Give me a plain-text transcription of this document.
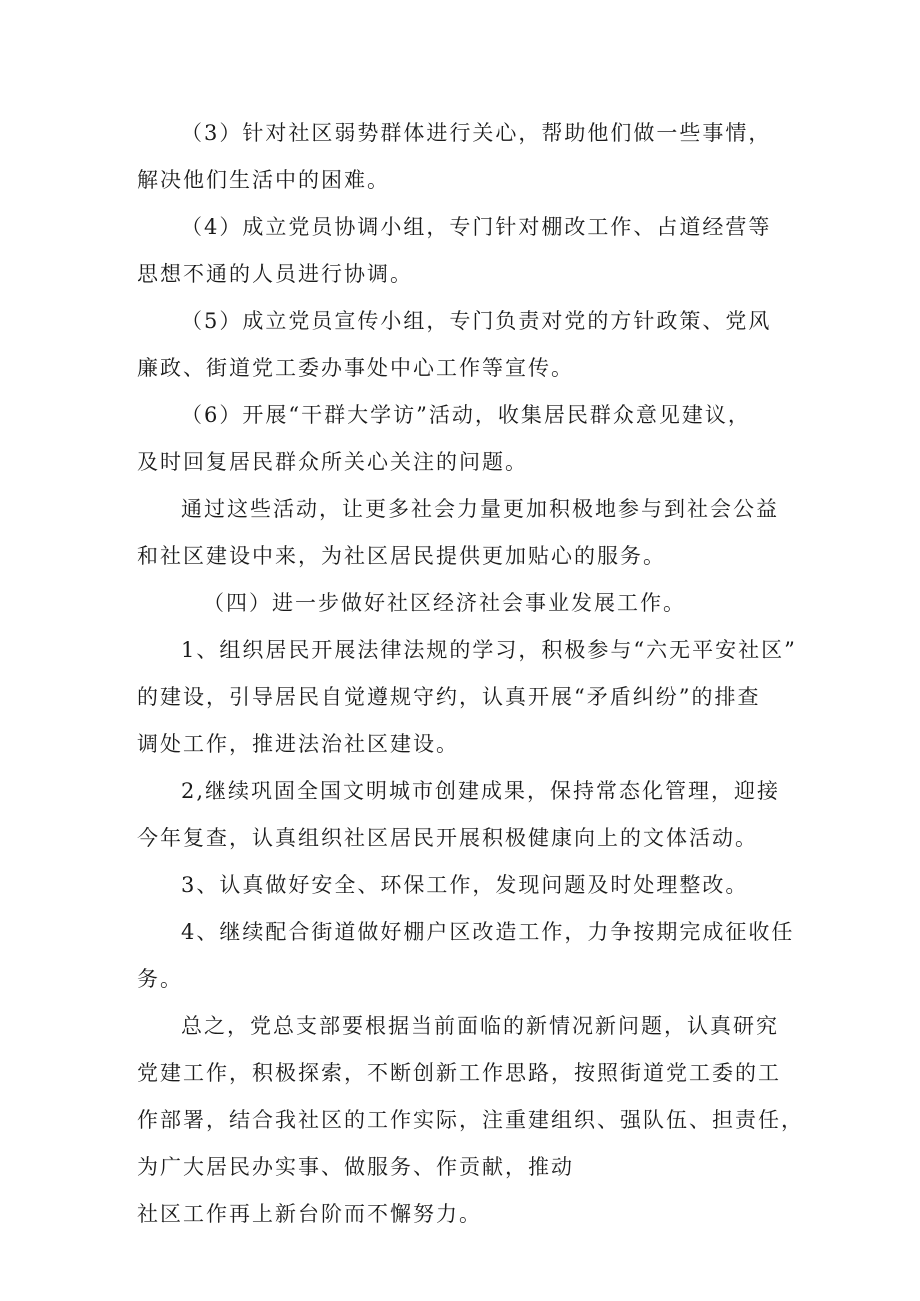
（3）针对社区弱势群体进行关心，帮助他们做一些事情，
解决他们生活中的困难。
（4）成立党员协调小组，专门针对棚改工作、占道经营等
思想不通的人员进行协调。
（5）成立党员宣传小组，专门负责对党的方针政策、党风
廉政、街道党工委办事处中心工作等宣传。
（6）开展“干群大学访”活动，收集居民群众意见建议，
及时回复居民群众所关心关注的问题。
通过这些活动，让更多社会力量更加积极地参与到社会公益
和社区建设中来，为社区居民提供更加贴心的服务。
（四）进一步做好社区经济社会事业发展工作。
1、组织居民开展法律法规的学习，积极参与“六无平安社区”
的建设，引导居民自觉遵规守约，认真开展“矛盾纠纷”的排查
调处工作，推进法治社区建设。
2,继续巩固全国文明城市创建成果，保持常态化管理，迎接
今年复查，认真组织社区居民开展积极健康向上的文体活动。
3、认真做好安全、环保工作，发现问题及时处理整改。
4、继续配合街道做好棚户区改造工作，力争按期完成征收任
务。
总之，党总支部要根据当前面临的新情况新问题，认真研究
党建工作，积极探索，不断创新工作思路，按照街道党工委的工
作部署，结合我社区的工作实际，注重建组织、强队伍、担责任，
为广大居民办实事、做服务、作贡献，推动
社区工作再上新台阶而不懈努力。
